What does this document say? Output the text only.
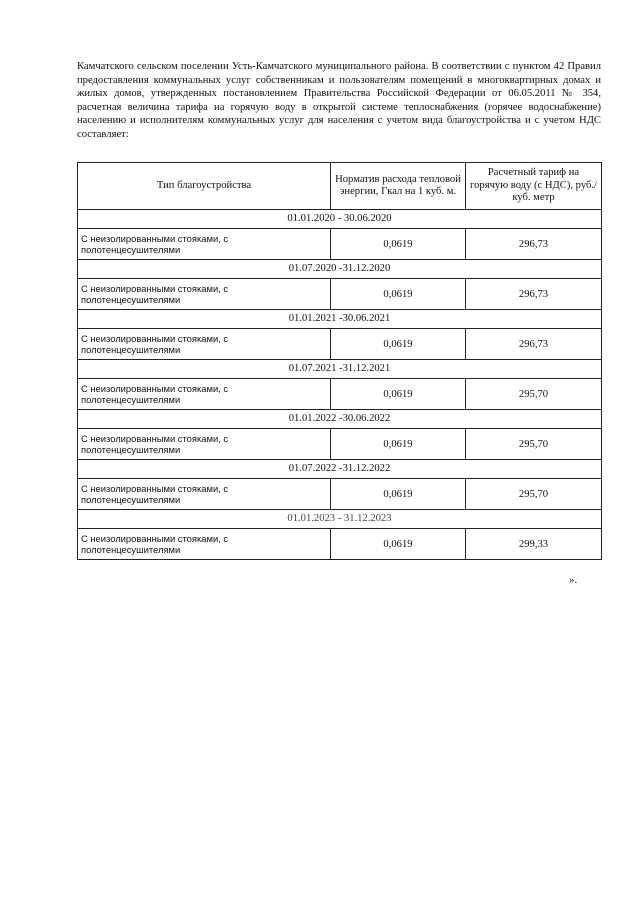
Камчатского сельском поселении Усть-Камчатского муниципального района. В соответствии с пунктом 42 Правил предоставления коммунальных услуг собственникам и пользователям помещений в многоквартирных домах и жилых домов, утвержденных постановлением Правительства Российской Федерации от 06.05.2011 № 354, расчетная величина тарифа на горячую воду в открытой системе теплоснабжения (горячее водоснабжение) населению и исполнителям коммунальных услуг для населения с учетом вида благоустройства и с учетом НДС составляет:

Тип благоустройства	Норматив расхода тепловой энергии, Гкал на 1 куб. м.	Расчетный тариф на горячую воду (с НДС), руб./куб. метр
01.01.2020 - 30.06.2020		
С неизолированными стояками, с полотенцесушителями	0,0619	296,73
01.07.2020 -31.12.2020		
С неизолированными стояками, с полотенцесушителями	0,0619	296,73
01.01.2021 -30.06.2021		
С неизолированными стояками, с полотенцесушителями	0,0619	296,73
01.07.2021 -31.12.2021		
С неизолированными стояками, с полотенцесушителями	0,0619	295,70
01.01.2022 -30.06.2022		
С неизолированными стояками, с полотенцесушителями	0,0619	295,70
01.07.2022 -31.12.2022		
С неизолированными стояками, с полотенцесушителями	0,0619	295,70
01.01.2023 - 31.12.2023		
С неизолированными стояками, с полотенцесушителями	0,0619	299,33

».
